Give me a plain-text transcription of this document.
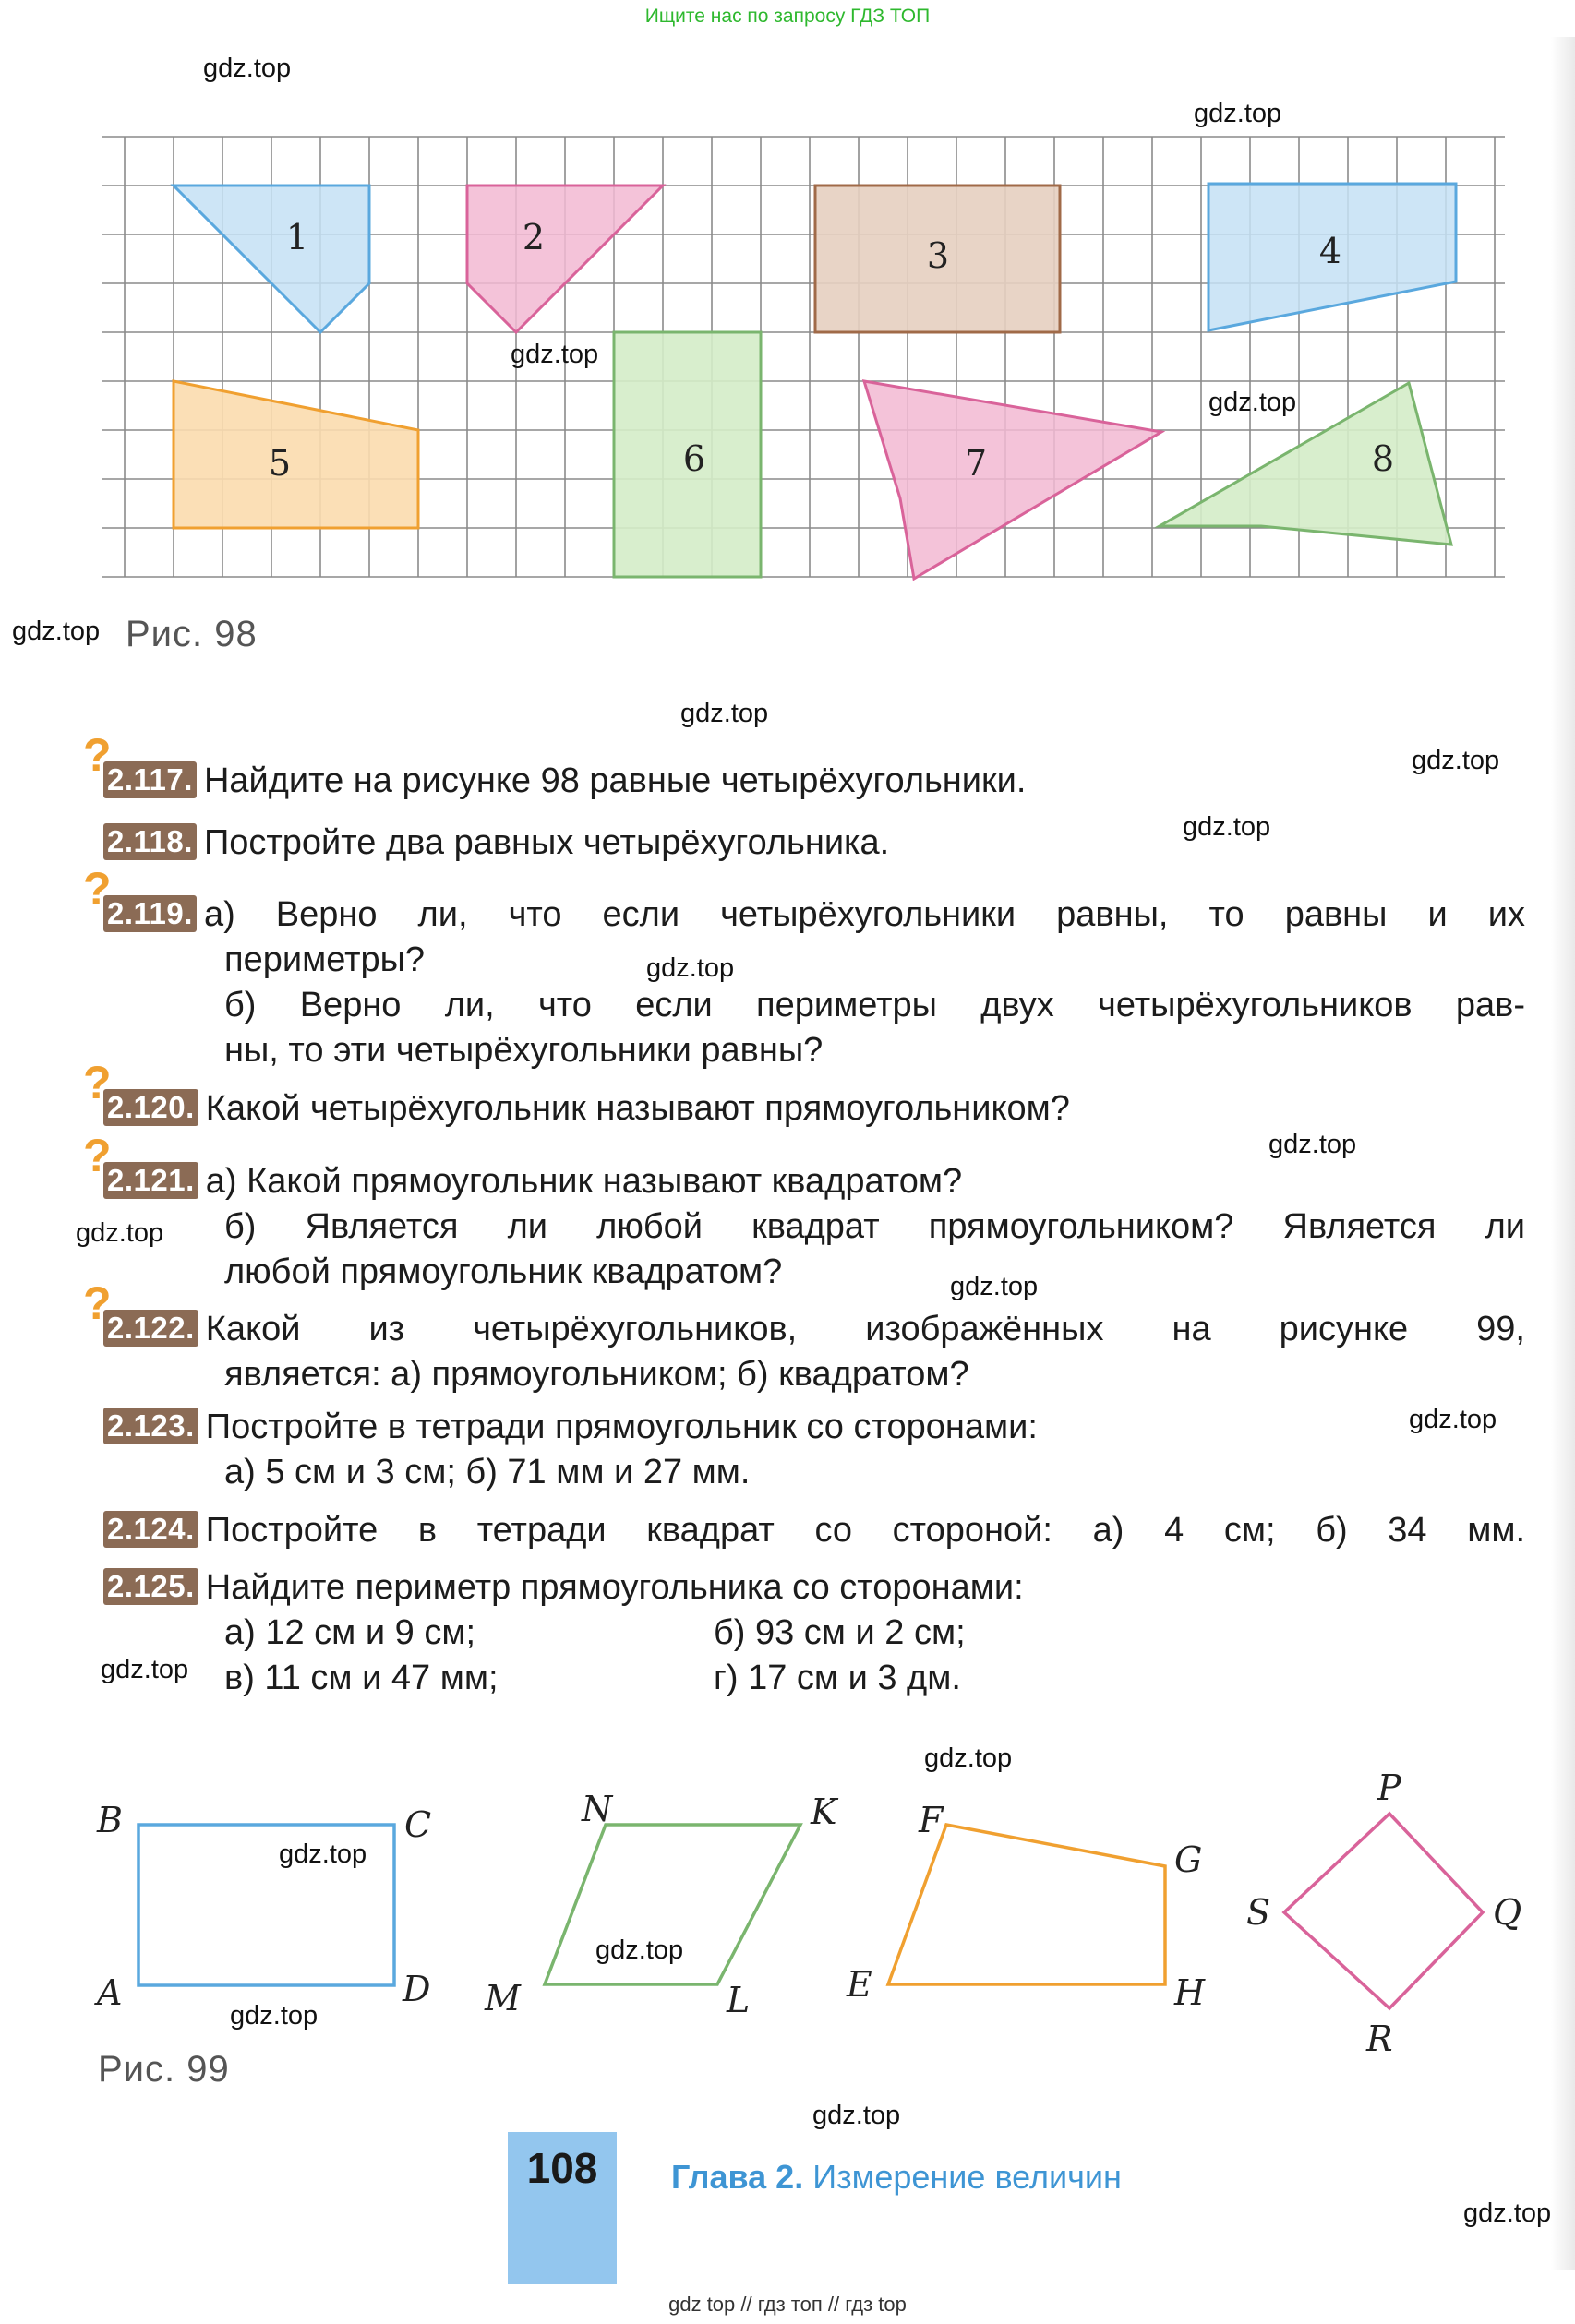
Ищите нас по запросу ГДЗ ТОП
1	2	3	4
5	6	7	8
Рис. 98
?
2.117. Найдите на рисунке 98 равные четырёхугольники.
2.118. Постройте два равных четырёхугольника.
?
2.119. а) Верно ли, что если четырёхугольники равны, то равны и их
периметры?
б) Верно ли, что если периметры двух четырёхугольников рав-
ны, то эти четырёхугольники равны?
?
2.120. Какой четырёхугольник называют прямоугольником?
?
2.121. а) Какой прямоугольник называют квадратом?
б) Является ли любой квадрат прямоугольником? Является ли
любой прямоугольник квадратом?
?
2.122. Какой из четырёхугольников, изображённых на рисунке 99,
является: а) прямоугольником; б) квадратом?
2.123. Постройте в тетради прямоугольник со сторонами:
а) 5 см и 3 см; б) 71 мм и 27 мм.
2.124. Постройте в тетради квадрат со стороной: а) 4 см; б) 34 мм.
2.125. Найдите периметр прямоугольника со сторонами:
а) 12 см и 9 см;	б) 93 см и 2 см;
в) 11 см и 47 мм;	г) 17 см и 3 дм.
B	C
A	D
N	K
M	L
F
G
E	H
P
S	Q
R
Рис. 99
108	Глава 2. Измерение величин
gdz top // гдз топ // гдз top
gdz.top
gdz.top
gdz.top
gdz.top
gdz.top
gdz.top
gdz.top
gdz.top
gdz.top
gdz.top
gdz.top
gdz.top
gdz.top
gdz.top
gdz.top
gdz.top
gdz.top
gdz.top
gdz.top
gdz.top
